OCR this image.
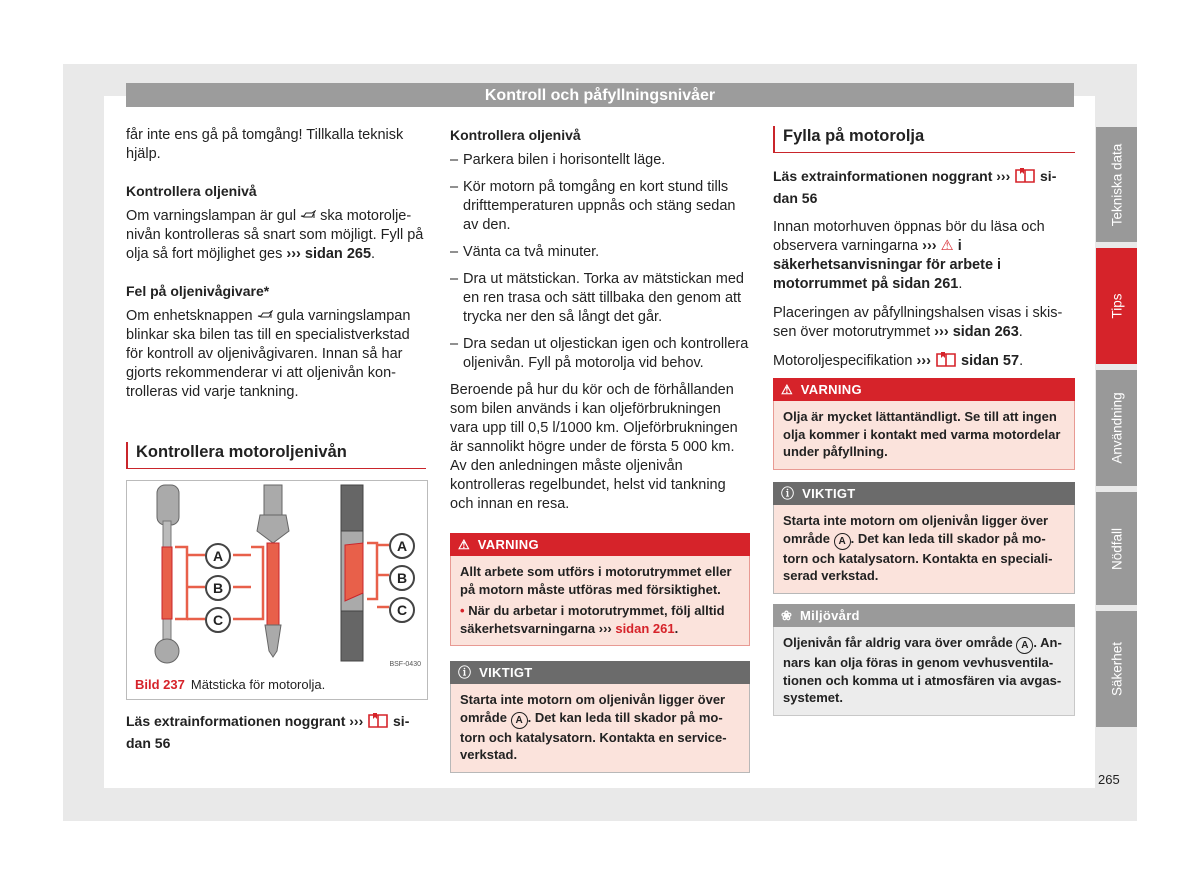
Kontroll och påfyllningsnivåer

får inte ens gå på tomgång! Tillkalla teknisk hjälp.

Kontrollera oljenivå

Om varningslampan är gul ska motoroljenivån kontrolleras så snart som möjligt. Fyll på olja så fort möjlighet ges ››› sidan 265.

Fel på oljenivågivare*

Om enhetsknappen gula varningslampan blinkar ska bilen tas till en specialistverkstad för kontroll av oljenivågivaren. Innan så har gjorts rekommenderar vi att oljenivån kontrolleras vid varje tankning.

Kontrollera motoroljenivån
A
B
C
A
B
C
BSF-0430
Bild 237 Mätsticka för motorolja.
Läs extrainformationen noggrant ›››  sidan 56
Kontrollera oljenivå
– Parkera bilen i horisontellt läge.
– Kör motorn på tomgång en kort stund tills drifttemperaturen uppnås och stäng sedan av den.
– Vänta ca två minuter.
– Dra ut mätstickan. Torka av mätstickan med en ren trasa och sätt tillbaka den genom att trycka ner den så långt det går.
– Dra sedan ut oljestickan igen och kontrollera oljenivån. Fyll på motorolja vid behov.

Beroende på hur du kör och de förhållanden som bilen används i kan oljeförbrukningen vara upp till 0,5 l/1000 km. Oljeförbrukningen är sannolikt högre under de första 5 000 km. Av den anledningen måste oljenivån kontrolleras regelbundet, helst vid tankning och innan en resa.

⚠ VARNING
Allt arbete som utförs i motorutrymmet eller på motorn måste utföras med försiktighet.
• När du arbetar i motorutrymmet, följ alltid säkerhetsvarningarna ››› sidan 261.
ⓘ VIKTIGT
Starta inte motorn om oljenivån ligger över område A . Det kan leda till skador på motorn och katalysatorn. Kontakta en serviceverkstad.
Fylla på motorolja

Läs extrainformationen noggrant ›››  sidan 56

Innan motorhuven öppnas bör du läsa och observera varningarna ››› ⚠ i säkerhetsanvisningar för arbete i motorrummet på sidan 261.

Placeringen av påfyllningshalsen visas i skissen över motorutrymmet ››› sidan 263.

Motoroljespecifikation ››› sidan 57.

⚠ VARNING
Olja är mycket lättantändligt. Se till att ingen olja kommer i kontakt med varma motordelar under påfyllning.
ⓘ VIKTIGT
Starta inte motorn om oljenivån ligger över område A . Det kan leda till skador på motorn och katalysatorn. Kontakta en specialiserad verkstad.
❀ Miljövård
Oljenivån får aldrig vara över område A . Annars kan olja föras in genom vevhusventilationen och komma ut i atmosfären via avgassystemet.
Tekniska data
Tips
Användning
Nödfall
Säkerhet
265
